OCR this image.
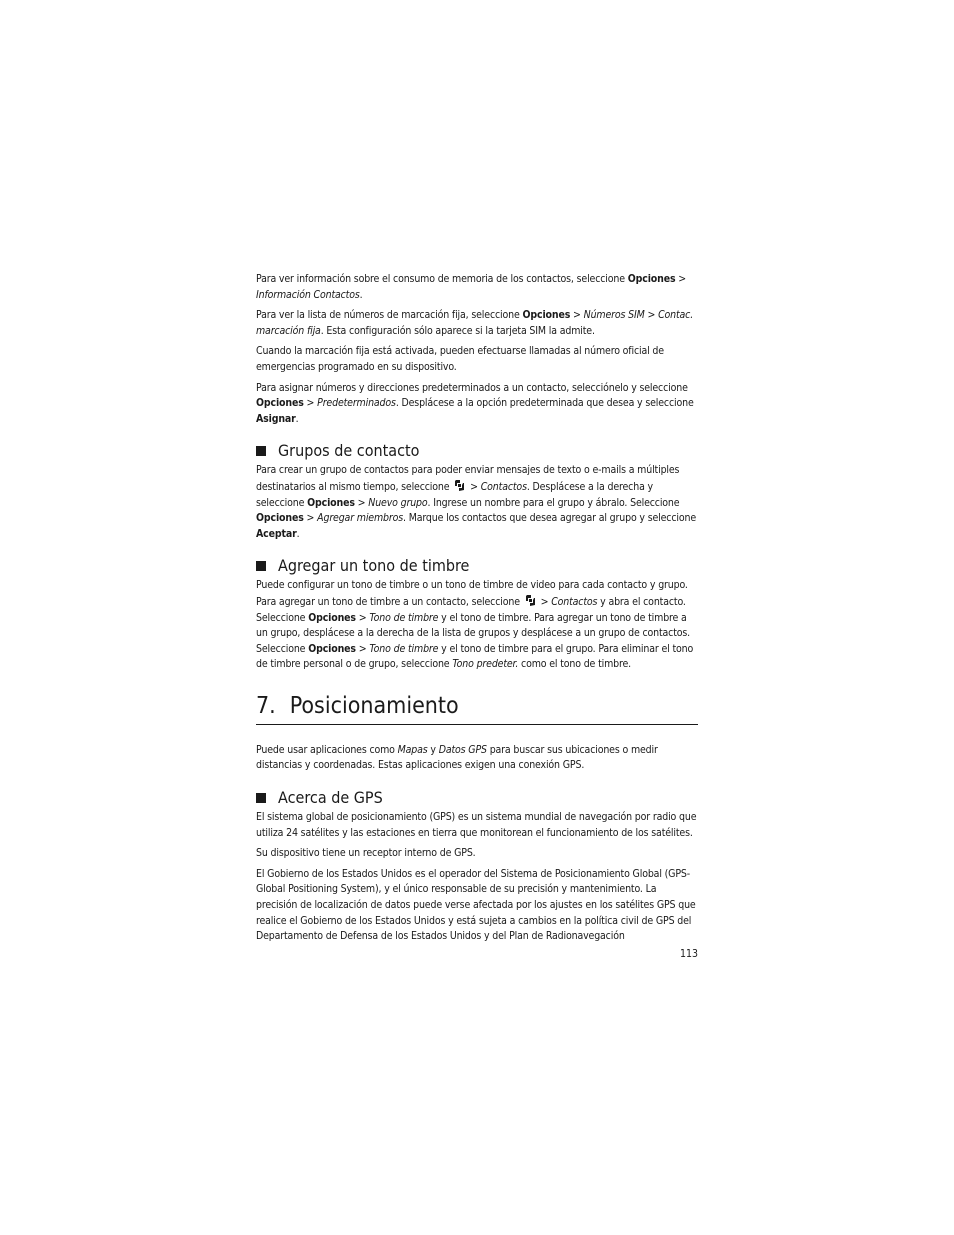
Para ver información sobre el consumo de memoria de los contactos, seleccione Opciones > Información Contactos.

Para ver la lista de números de marcación fija, seleccione Opciones > Números SIM > Contac. marcación fija. Esta configuración sólo aparece si la tarjeta SIM la admite.

Cuando la marcación fija está activada, pueden efectuarse llamadas al número oficial de emergencias programado en su dispositivo.

Para asignar números y direcciones predeterminados a un contacto, selecciónelo y seleccione Opciones > Predeterminados. Desplácese a la opción predeterminada que desea y seleccione Asignar.

Grupos de contacto

Para crear un grupo de contactos para poder enviar mensajes de texto o e-mails a múltiples destinatarios al mismo tiempo, seleccione  > Contactos. Desplácese a la derecha y seleccione Opciones > Nuevo grupo. Ingrese un nombre para el grupo y ábralo. Seleccione Opciones > Agregar miembros. Marque los contactos que desea agregar al grupo y seleccione Aceptar.

Agregar un tono de timbre

Puede configurar un tono de timbre o un tono de timbre de video para cada contacto y grupo. Para agregar un tono de timbre a un contacto, seleccione  > Contactos y abra el contacto. Seleccione Opciones > Tono de timbre y el tono de timbre. Para agregar un tono de timbre a un grupo, desplácese a la derecha de la lista de grupos y desplácese a un grupo de contactos. Seleccione Opciones > Tono de timbre y el tono de timbre para el grupo. Para eliminar el tono de timbre personal o de grupo, seleccione Tono predeter. como el tono de timbre.

7. Posicionamiento

Puede usar aplicaciones como Mapas y Datos GPS para buscar sus ubicaciones o medir distancias y coordenadas. Estas aplicaciones exigen una conexión GPS.

Acerca de GPS

El sistema global de posicionamiento (GPS) es un sistema mundial de navegación por radio que utiliza 24 satélites y las estaciones en tierra que monitorean el funcionamiento de los satélites.

Su dispositivo tiene un receptor interno de GPS.

El Gobierno de los Estados Unidos es el operador del Sistema de Posicionamiento Global (GPS-Global Positioning System), y el único responsable de su precisión y mantenimiento. La precisión de localización de datos puede verse afectada por los ajustes en los satélites GPS que realice el Gobierno de los Estados Unidos y está sujeta a cambios en la política civil de GPS del Departamento de Defensa de los Estados Unidos y del Plan de Radionavegación

113
